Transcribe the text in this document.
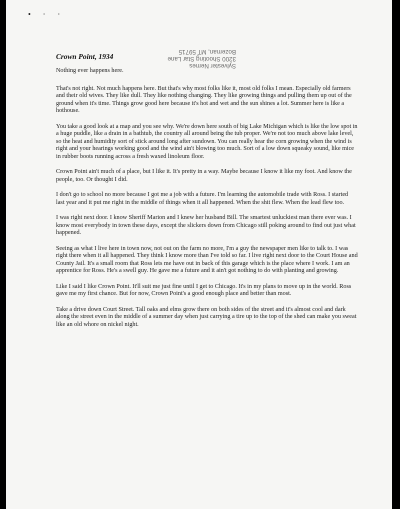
• · ·
Sylvester Nemes
3200 Shooting Star Lane
Bozeman, MT 59715
Crown Point, 1934

Nothing ever happens here.

That's not right. Not much happens here. But that's why most folks like it, most old folks I mean. Especially old farmers and their old wives. They like dull. They like nothing changing. They like growing things and pulling them up out of the ground when it's time. Things grow good here because it's hot and wet and the sun shines a lot. Summer here is like a hothouse.

You take a good look at a map and you see why. We're down here south of big Lake Michigan which is like the low spot in a huge puddle, like a drain in a bathtub, the country all around being the tub proper. We're not too much above lake level, so the heat and humidity sort of stick around long after sundown. You can really hear the corn growing when the wind is right and your hearings working good and the wind ain't blowing too much. Sort of a low down squeaky sound, like mice in rubber boots running across a fresh waxed linoleum floor.

Crown Point ain't much of a place, but I like it. It's pretty in a way. Maybe because I know it like my foot. And know the people, too. Or thought I did.

I don't go to school no more because I got me a job with a future. I'm learning the automobile trade with Ross. I started last year and it put me right in the middle of things when it all happened. When the shit flew. When the lead flew too.

I was right next door. I know Sheriff Marion and I knew her husband Bill. The smartest unluckiest man there ever was. I know most everybody in town these days, except the slickers down from Chicago still poking around to find out just what happened.

Seeing as what I live here in town now, not out on the farm no more, I'm a guy the newspaper men like to talk to. I was right there when it all happened. They think I know more than I've told so far. I live right next door to the Court House and County Jail. It's a small room that Ross lets me have out in back of this garage which is the place where I work. I am an apprentice for Ross. He's a swell guy. He gave me a future and it ain't got nothing to do with planting and growing.

Like I said I like Crown Point. It'll suit me just fine until I get to Chicago. It's in my plans to move up in the world. Ross gave me my first chance. But for now, Crown Point's a good enough place and better than most.

Take a drive down Court Street. Tall oaks and elms grow there on both sides of the street and it's almost cool and dark along the street even in the middle of a summer day when just carrying a tire up to the top of the shed can make you sweat like an old whore on nickel night.
